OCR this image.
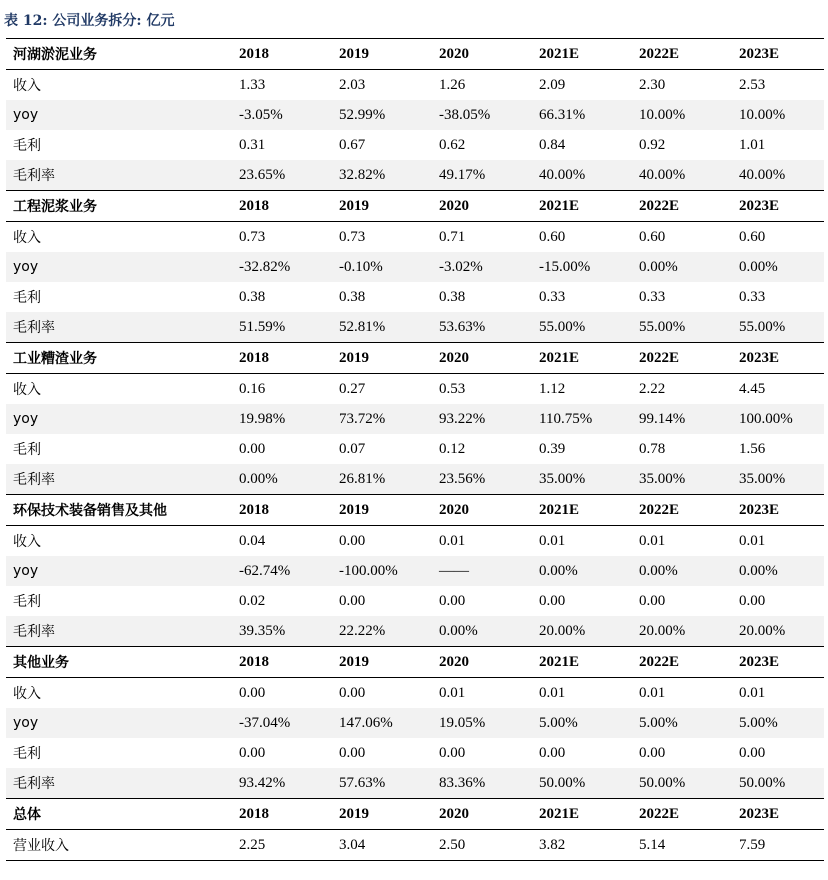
表 12: 公司业务拆分: 亿元
河湖淤泥业务	2018	2019	2020	2021E	2022E	2023E
收入	1.33	2.03	1.26	2.09	2.30	2.53
yoy	-3.05%	52.99%	-38.05%	66.31%	10.00%	10.00%
毛利	0.31	0.67	0.62	0.84	0.92	1.01
毛利率	23.65%	32.82%	49.17%	40.00%	40.00%	40.00%
工程泥浆业务	2018	2019	2020	2021E	2022E	2023E
收入	0.73	0.73	0.71	0.60	0.60	0.60
yoy	-32.82%	-0.10%	-3.02%	-15.00%	0.00%	0.00%
毛利	0.38	0.38	0.38	0.33	0.33	0.33
毛利率	51.59%	52.81%	53.63%	55.00%	55.00%	55.00%
工业糟渣业务	2018	2019	2020	2021E	2022E	2023E
收入	0.16	0.27	0.53	1.12	2.22	4.45
yoy	19.98%	73.72%	93.22%	110.75%	99.14%	100.00%
毛利	0.00	0.07	0.12	0.39	0.78	1.56
毛利率	0.00%	26.81%	23.56%	35.00%	35.00%	35.00%
环保技术装备销售及其他	2018	2019	2020	2021E	2022E	2023E
收入	0.04	0.00	0.01	0.01	0.01	0.01
yoy	-62.74%	-100.00%	——	0.00%	0.00%	0.00%
毛利	0.02	0.00	0.00	0.00	0.00	0.00
毛利率	39.35%	22.22%	0.00%	20.00%	20.00%	20.00%
其他业务	2018	2019	2020	2021E	2022E	2023E
收入	0.00	0.00	0.01	0.01	0.01	0.01
yoy	-37.04%	147.06%	19.05%	5.00%	5.00%	5.00%
毛利	0.00	0.00	0.00	0.00	0.00	0.00
毛利率	93.42%	57.63%	83.36%	50.00%	50.00%	50.00%
总体	2018	2019	2020	2021E	2022E	2023E
营业收入	2.25	3.04	2.50	3.82	5.14	7.59
